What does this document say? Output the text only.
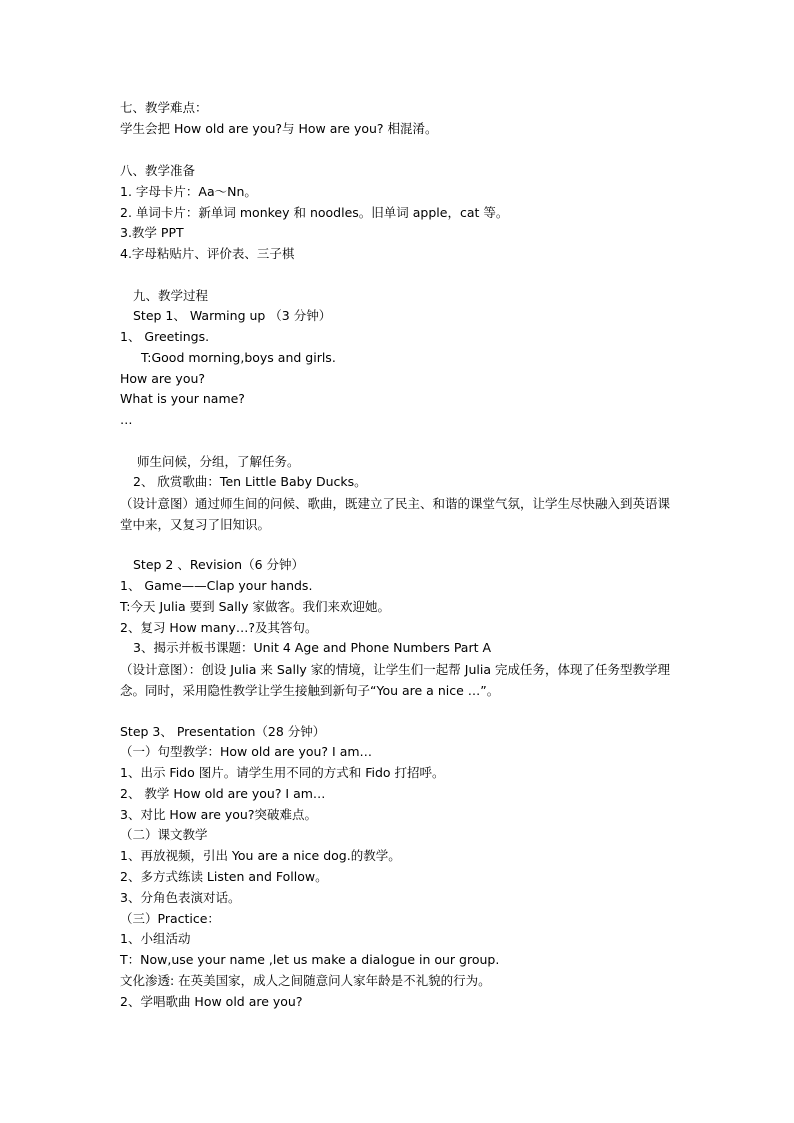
七、教学难点：
学生会把 How old are you?与 How are you? 相混淆。
八、教学准备
1. 字母卡片：Aa～Nn。
2. 单词卡片：新单词 monkey 和 noodles。旧单词 apple，cat 等。
3.教学 PPT
4.字母粘贴片、评价表、三子棋
九、教学过程
Step 1、 Warming up （3 分钟）
1、 Greetings.
T:Good morning,boys and girls.
How are you?
What is your name?
…
师生问候，分组，了解任务。
2、 欣赏歌曲：Ten Little Baby Ducks。
（设计意图）通过师生间的问候、歌曲，既建立了民主、和谐的课堂气氛，让学生尽快融入到英语课堂中来，又复习了旧知识。
Step 2 、Revision（6 分钟）
1、 Game——Clap your hands.
T:今天 Julia 要到 Sally 家做客。我们来欢迎她。
2、复习 How many…?及其答句。
3、揭示并板书课题：Unit 4 Age and Phone Numbers Part A
（设计意图）：创设 Julia 来 Sally 家的情境，让学生们一起帮 Julia 完成任务，体现了任务型教学理念。同时，采用隐性教学让学生接触到新句子“You are a nice …”。
Step 3、 Presentation（28 分钟）
（一）句型教学：How old are you? I am…
1、出示 Fido 图片。请学生用不同的方式和 Fido 打招呼。
2、 教学 How old are you? I am…
3、对比 How are you?突破难点。
（二）课文教学
1、再放视频，引出 You are a nice dog.的教学。
2、多方式练读 Listen and Follow。
3、分角色表演对话。
（三）Practice：
1、小组活动
T：Now,use your name ,let us make a dialogue in our group.
文化渗透: 在英美国家，成人之间随意问人家年龄是不礼貌的行为。
2、学唱歌曲 How old are you?
